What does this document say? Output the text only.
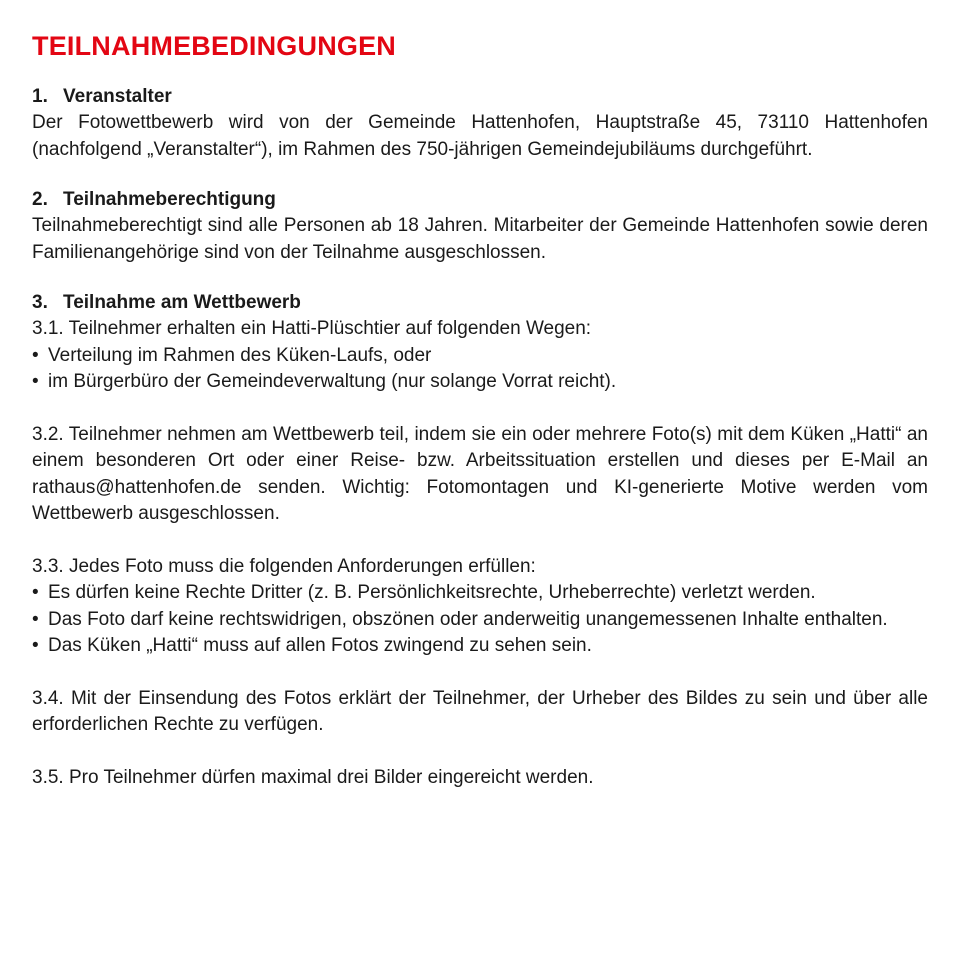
TEILNAHMEBEDINGUNGEN

1. Veranstalter

Der Fotowettbewerb wird von der Gemeinde Hattenhofen, Hauptstraße 45, 73110 Hattenhofen (nachfolgend „Veranstalter“), im Rahmen des 750-jährigen Gemeindejubiläums durchgeführt.

2. Teilnahmeberechtigung

Teilnahmeberechtigt sind alle Personen ab 18 Jahren. Mitarbeiter der Gemeinde Hattenhofen sowie deren Familienangehörige sind von der Teilnahme ausgeschlossen.

3. Teilnahme am Wettbewerb

3.1. Teilnehmer erhalten ein Hatti-Plüschtier auf folgenden Wegen:

• Verteilung im Rahmen des Küken-Laufs, oder
• im Bürgerbüro der Gemeindeverwaltung (nur solange Vorrat reicht).

3.2. Teilnehmer nehmen am Wettbewerb teil, indem sie ein oder mehrere Foto(s) mit dem Küken „Hatti“ an einem besonderen Ort oder einer Reise- bzw. Arbeitssituation erstellen und dieses per E-Mail an rathaus@hattenhofen.de senden. Wichtig: Fotomontagen und KI-generierte Motive werden vom Wettbewerb ausgeschlossen.

3.3. Jedes Foto muss die folgenden Anforderungen erfüllen:

• Es dürfen keine Rechte Dritter (z. B. Persönlichkeitsrechte, Urheberrechte) verletzt werden.
• Das Foto darf keine rechtswidrigen, obszönen oder anderweitig unangemessenen Inhalte enthalten.
• Das Küken „Hatti“ muss auf allen Fotos zwingend zu sehen sein.

3.4. Mit der Einsendung des Fotos erklärt der Teilnehmer, der Urheber des Bildes zu sein und über alle erforderlichen Rechte zu verfügen.

3.5. Pro Teilnehmer dürfen maximal drei Bilder eingereicht werden.
